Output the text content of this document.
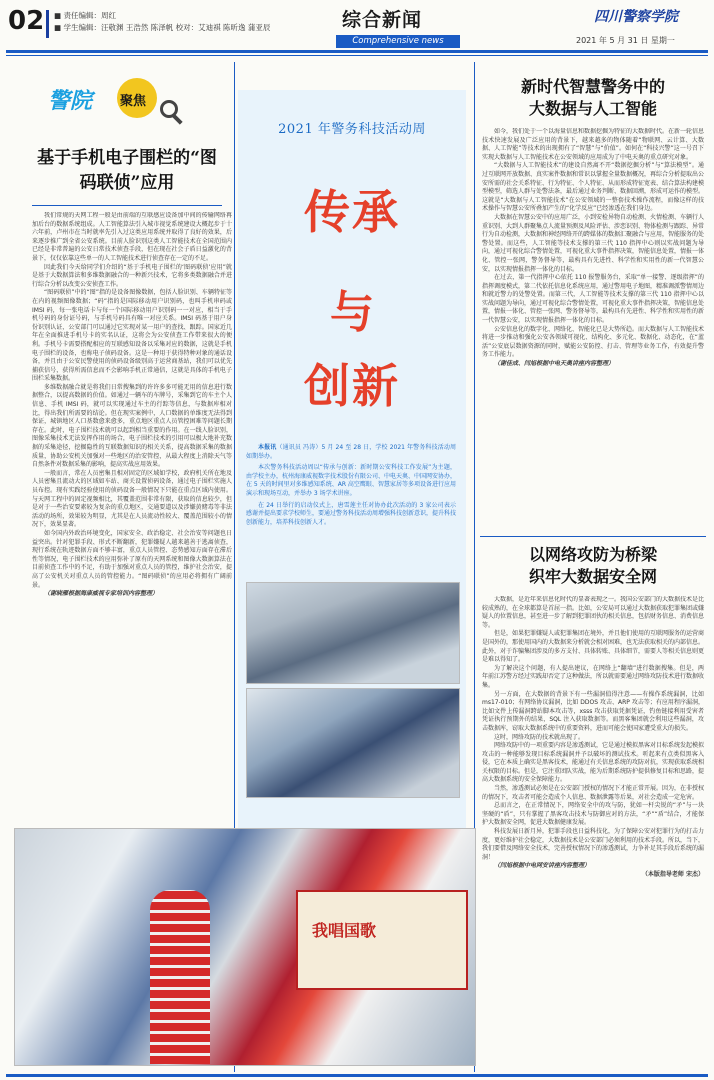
02 ■ 责任编辑：周红
■ 学生编辑：汪敬渊 王浩然 陈泽帆 校对：艾迪祺 陈昕逸 蒲亚辰	综合新闻
Comprehensive news
四川警察学院
2021 年 5 月 31 日 星期一
警院 聚焦
基于手机电子围栏的“图码联侦”应用

我们常规的天网工程一般是由前端的互联感应设备加中间的传输网络再加后台的数据系统组成。人工智能算法引入城市视觉系统建设大概起步于十六年前，卢州市在当时就率先引入过这类应用系统并取得了良好的效果，后来逐步推广到全省公安系统。目前人脸识别这类人工智能技术在全国范围内已经是非常普遍的公安日常技术侦查手段，但在现在社会子盾日益激化的背景下，仅仅依靠这些单一的人工智能技术进行侦查存在一定的不足。

因此我们今天给同学们介绍的“基于手机电子围栏的‘图码联侦’应用”就是基于大数据算法和多维数据融合的一种新兴技术，它将多类数据融合并进行综合分析以改变公安侦查工作。

“图码联侦”中的“图”指的是设备图像数据，包括人脸识别、车辆特征等在内的视频图像数据；“码”指的是国际移动用户识别码，也叫手机串码或 IMSI 码，每一张电话卡与每一个国际移动用户识别码一一对应，相当于手机号码的身份证号码，与手机号码具有唯一对应关系。IMSI 码基于用户身份识别认证，公安部门可以通过它实现对某一用户的查找、跟踪。国家近几年在全面推进手机号卡的实名认证，这将会为公安侦查工作带来很大的便利。手机号卡需要搭配相应的互联感知设备以采集对应的数据，这就是手机电子围栏的设备，也称电子侦码设备。这是一种用于获得特种对象的通话设备，并且由于公安民警使用的侦码设备级别高于运营商基站，我们可以优先捕获信号，获得所需信息而不会影响手机正常通信，这就是具体的手机电子围栏采集数据。

多维数据融合就是将我们日常搜集到的许许多多可能无用的信息进行数据整合，以提高数据的价值。如通过一辆车的车牌号，采集到它的车主个人信息、手机 IMSI 码，就可以实现通过车主的行踪等信息，与数据库相对比，得出我们所需要的结论。但在现实案例中，人口数据的单维度无法得到保证，城镇地区人口基数愈来愈多，重点地区重点人员管控困难等问题长期存在。此时，电子围栏技术就可以起到相当重要的作用。在一线人脸识别，图像采集技术无法发挥作用的场合，电子围栏技术的引用可以极大地补充数据的采集途径，挖掘隐性的互联数据知识的相关关系，提高数据采集的数据质量，协助公安机关加强对一些地区的治安管控，从最大程度上消除天气等自然条件对数据采集的影响，提高实战应用效果。

一般而言，常在人员密集且相对固定的区域如学校，政府机关所在地及人员密集且流动大的区域如车站、商关设置侦码设备，通过电子围栏实施人员布控。现有实践经验使用的侦码设备一般情况下只能在重点区域内使用。与天网工程中的固定视频相比，其覆盖范围非常有限，获取的信息较少，但是对于一些治安要素较为复杂的重点地区，交通要道以及涉嫌黄赌毒等非法活动的场所，效果较为明显，尤其是在人员流动性较大、覆盖范围较小的情况下，效果显著。

如今国内外政治环境变化，国家安全、政治稳定、社会治安等问题也日益突出。针对犯罪手段、形式不断翻新，犯罪嫌疑人越来越善于逃离侦查，现行系统在轨迹数据方面不够丰富，重点人员管控、态势感知方面存在滞后性等情况，电子围栏技术的应用弥补了原有的天网系统和图像大数据算法在目前侦查工作中的不足，有助于加强对重点人员的管控，维护社会治安，提高了公安机关对重点人员的管控能力。“图码联侦”的应用必将拥有广阔前景。

（谢晓雁根据海康威视专家培训内容整理）

2021 年警务科技活动周
传承
与
创新

本报讯（通讯员 冯涛）5 月 24 至 28 日，学校 2021 年警务科技活动周如期举办。

本次警务科技活动周以“传承与创新：新时期公安科技工作发展”为主题，由学校主办，杭州海康威视数字技术股份有限公司、中电天奥、中国网安协办，在 5 天的时间里对多维感知系统、AR 高空鹰眼、智慧家居等多项设备进行应用演示和现场互动，并举办 3 场学术讲座。

在 24 日举行的启动仪式上，唐雪莲主任对协办此次活动的 3 家公司表示感谢并提出要求学校师生，要通过警务科技活动周增强科技创新意识，提升科技创新能力，培养科技创新人才。

我唱国歌
新时代智慧警务中的
大数据与人工智能

如今，我们处于一个以海量信息和数据挖掘为特征的大数据时代。在新一轮信息技术快速发展及广泛应用的背景下，越来越多的物体随着“物联网、云计算、大数据、人工智能”等技术的出现拥有了“智慧”与“价值”。如何在“科技兴警”这一号召下实现大数据与人工智能技术在公安领域的应用成为了中电天奥的重点研究对象。

“大数据与人工智能技术”的建设自然离不开“数据挖掘分析”与“算法模型”。通过互联网开放数据、真实案件数据和常识以掌握全量数据概况，再综合分析提取出公安所需的社会关系特征、行为特征、个人特征、从而形成特征宽表、结合算法构建模型模型，筛选人群与处警法条，最后通过业务判断、数据回溯，形成可运作的模型。这就是“大数据与人工智能技术”在公安领域的一整套技术操作流程，而像这样的技术操作与智慧公安所叠加产生的“化学反应”已经渗透在我们身边。

大数据在智慧公安中的应用广泛，小到安检异物自动检测、火情检测、车辆行人重识别、大到人群聚集点人流量预测及风险评估、涉恋识别、物体检测与跟踪、异常行为自动检测，大数据和神经网络开的跨媒体的数据汇聚融合与应用，智能服务的处警处置。而这些，人工智能等技术支撑的第三代 110 指挥中心则以实战问题为导向，通过可视化综合警情处置，可视化重大事件指挥决策，智能信息处置，情报一体化、管控一张网，警务督导等，最构具有先进性、科学性和实用性的新一代智慧公安，以实现情报指挥一体化的目标。

在过去，第一代指挥中心依托 110 报警服务台，采取“单一接警、逐级指挥”的指挥调度模式，第二代依托信息化系统应用，通过警用电子地图，精准调派警情周边和就近警力的处警处置。而第三代，人工智能等技术支撑的第三代 110 指挥中心以实战问题为导向，通过可视化综合警情处置，可视化重大事件指挥决策，智能信息处置，情报一体化、管控一张网、警务督导等，最构具有先进性、科学性和实用性的新一代智慧公安，以实现情报指挥一体化的目标。

公安信息化的数字化、网络化、智能化已是大势所趋。而大数据与人工智能技术将进一步推动和强化公安各领域可视化、结构化、多元化、数据化、动态化，在“蓝活”公安底层数据资源的同时，赋能公安防控、打击、管理等业务工作，有效提升警务工作能力。

（谢佳成、闫旭根据中电天奥讲座内容整理）

以网络攻防为桥梁
织牢大数据安全网

大数据，是近年来信息化时代的显著表现之一。我国公安部门的大数据技术是比较成熟的，在全球都算是首屈一指。比如，公安局可以通过大数据获取犯罪集团或嫌疑人的位置信息，甚至进一步了解到犯罪团伙的相关信息，包括财务信息、消费信息等。

但是，如果犯罪嫌疑人或犯罪集团在境外，并且他们使用的互联网服务的运营商是国外的，那使用国内的大数据来分析就会相对困难，也无法获取相关的内部信息。此外，对于诈骗集团涉及的多方支付、具体转账、具体细节，需要人等相关信息则更是难以得知了。

为了解决这个问题，有人提出建议，在网络上“翻墙”进行数据搜集。但是，两年前江苏警方经过实践却否定了这种做法，所以就需要通过网络攻防技术进行数据收集。

另一方面，在大数据的背景下有一些漏洞值得注意——有操作系统漏洞，比如 ms17-010；有网络协议漏洞，比如 DDOS 攻击、ARP 攻击等；有应用程序漏洞，比如文件上传漏洞跨站脚本攻击等，xsss 攻击获取凭据凭证，钓鱼链接利用受害者凭证执行预期外的结果，SQL 注入获取数据等。而黑客集团就会利用这些漏洞，攻击数据库，窃取大数据系统中的重要资料，进而可能会使国家遭受重大的损失。

这时，网络攻防的技术就出现了。

网络攻防中的一项重要内容是渗透测试，它是通过模拟黑客对目标系统发起模拟攻击的一种能够发现目标系统漏洞并予以破坏的测试技术。听起来有点类似黑客入侵，它在本质上确实是黑客技术，能通过有关信息系统的攻防对抗，实现获取系统相关权限的目标。但是，它注重团队实战，能为后期系统防护提供修复目标和思路，提高大数据系统的安全保障能力。

当然，渗透测试必须是在公安部门授权的情况下才能正常开展。因为，在非授权的情况下，攻击者可能会造成个人信息、数据泄露等后果，对社会造成一定危害。

总而言之，在正常情况下，网络安全中的攻与防，犹如一杆尖锐的“矛”与一块坚硬的“盾”，只有掌握了黑客攻击技术与防御应对的方法，“矛”“盾”结合，才能保护大数据安全网，促进大数据健康发展。

科技发展日新月异，犯罪手段也日益科技化，为了保障公安对犯罪行为的打击力度，更好维护社会稳定，大数据技术是公安部门必须利用的技术手段。所以，当下，我们要借及网络安全技术，完善授权情况下的渗透测试，力争补足其手段后系统的漏洞！

（闫旭根据中电网安讲座内容整理）

（本版指导老师 宋杰）
